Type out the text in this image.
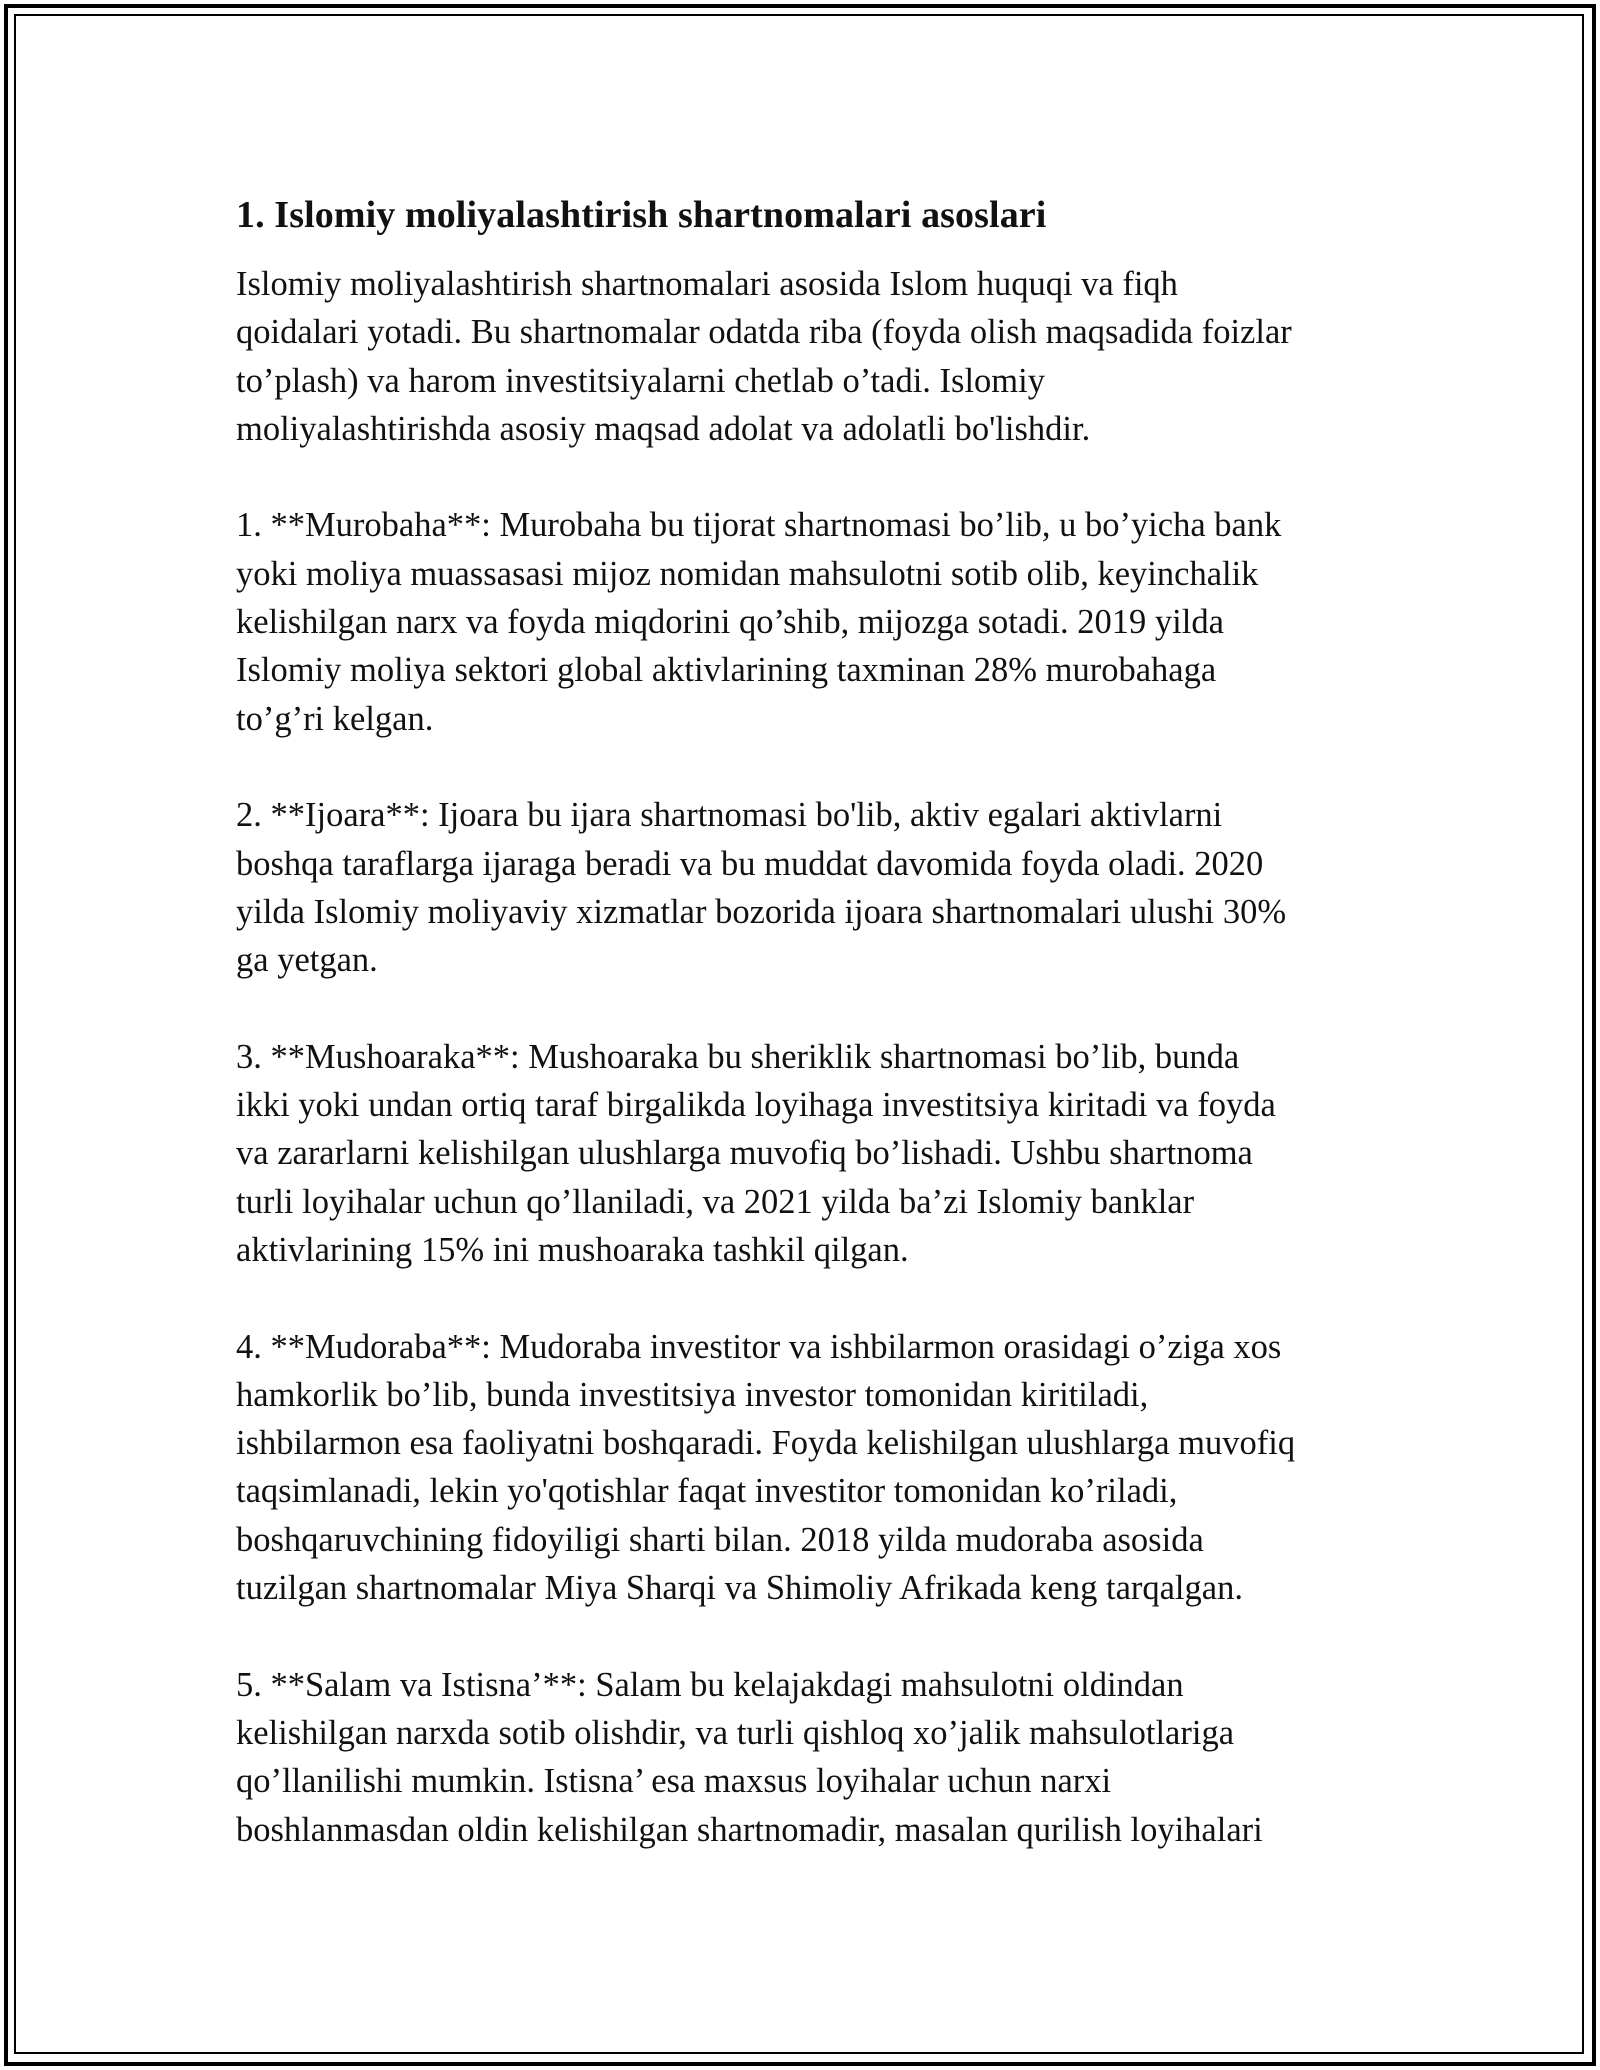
1. Islomiy moliyalashtirish shartnomalari asoslari

Islomiy moliyalashtirish shartnomalari asosida Islom huquqi va fiqh
qoidalari yotadi. Bu shartnomalar odatda riba (foyda olish maqsadida foizlar
to’plash) va harom investitsiyalarni chetlab o’tadi. Islomiy
moliyalashtirishda asosiy maqsad adolat va adolatli bo'lishdir.

1. **Murobaha**: Murobaha bu tijorat shartnomasi bo’lib, u bo’yicha bank
yoki moliya muassasasi mijoz nomidan mahsulotni sotib olib, keyinchalik
kelishilgan narx va foyda miqdorini qo’shib, mijozga sotadi. 2019 yilda
Islomiy moliya sektori global aktivlarining taxminan 28% murobahaga
to’g’ri kelgan.

2. **Ijoara**: Ijoara bu ijara shartnomasi bo'lib, aktiv egalari aktivlarni
boshqa taraflarga ijaraga beradi va bu muddat davomida foyda oladi. 2020
yilda Islomiy moliyaviy xizmatlar bozorida ijoara shartnomalari ulushi 30%
ga yetgan.

3. **Mushoaraka**: Mushoaraka bu sheriklik shartnomasi bo’lib, bunda
ikki yoki undan ortiq taraf birgalikda loyihaga investitsiya kiritadi va foyda
va zararlarni kelishilgan ulushlarga muvofiq bo’lishadi. Ushbu shartnoma
turli loyihalar uchun qo’llaniladi, va 2021 yilda ba’zi Islomiy banklar
aktivlarining 15% ini mushoaraka tashkil qilgan.

4. **Mudoraba**: Mudoraba investitor va ishbilarmon orasidagi o’ziga xos
hamkorlik bo’lib, bunda investitsiya investor tomonidan kiritiladi,
ishbilarmon esa faoliyatni boshqaradi. Foyda kelishilgan ulushlarga muvofiq
taqsimlanadi, lekin yo'qotishlar faqat investitor tomonidan ko’riladi,
boshqaruvchining fidoyiligi sharti bilan. 2018 yilda mudoraba asosida
tuzilgan shartnomalar Miya Sharqi va Shimoliy Afrikada keng tarqalgan.

5. **Salam va Istisna’**: Salam bu kelajakdagi mahsulotni oldindan
kelishilgan narxda sotib olishdir, va turli qishloq xo’jalik mahsulotlariga
qo’llanilishi mumkin. Istisna’ esa maxsus loyihalar uchun narxi
boshlanmasdan oldin kelishilgan shartnomadir, masalan qurilish loyihalari
